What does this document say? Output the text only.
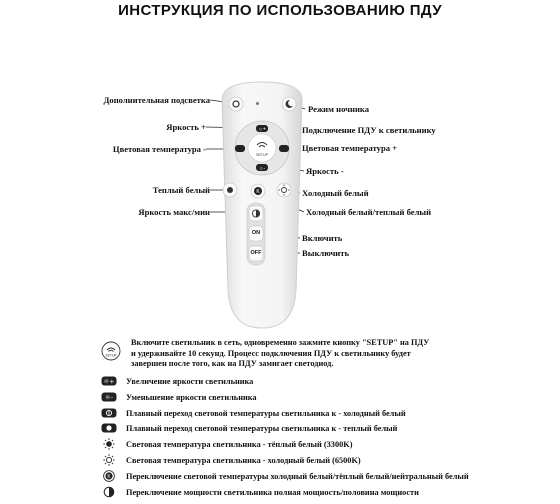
ИНСТРУКЦИЯ ПО ИСПОЛЬЗОВАНИЮ ПДУ
☼+
☼-
SETUP
K
ON
OFF
Дополнительная подсветка
Режим ночника
Яркость +	Подключение ПДУ к светильнику
Цветовая температура -	Цветовая температура +
Яркость -
Теплый белый	Холодный белый
Яркость макс/мин	Холодный белый/теплый белый
Включить
Выключить
SETUP
Включите светильник в сеть, одновременно зажмите кнопку "SETUP" на ПДУ
и удерживайте 10 секунд. Процесс подключения ПДУ к светильнику будет
завершен после того, как на ПДУ замигает светодиод.
☼+ Увеличение яркости светильника
☼- Уменьшение яркости светильника
Плавный переход световой температуры светильника к - холодный белый
Плавный переход световой температуры светильника к - теплый белый
Световая температура светильника - тёплый белый (3300K)
Световая температура светильника - холодный белый (6500K)
K Переключение световой температуры холодный белый/тёплый белый/нейтральный белый
Переключение мощности светильника полная мощность/половина мощности
